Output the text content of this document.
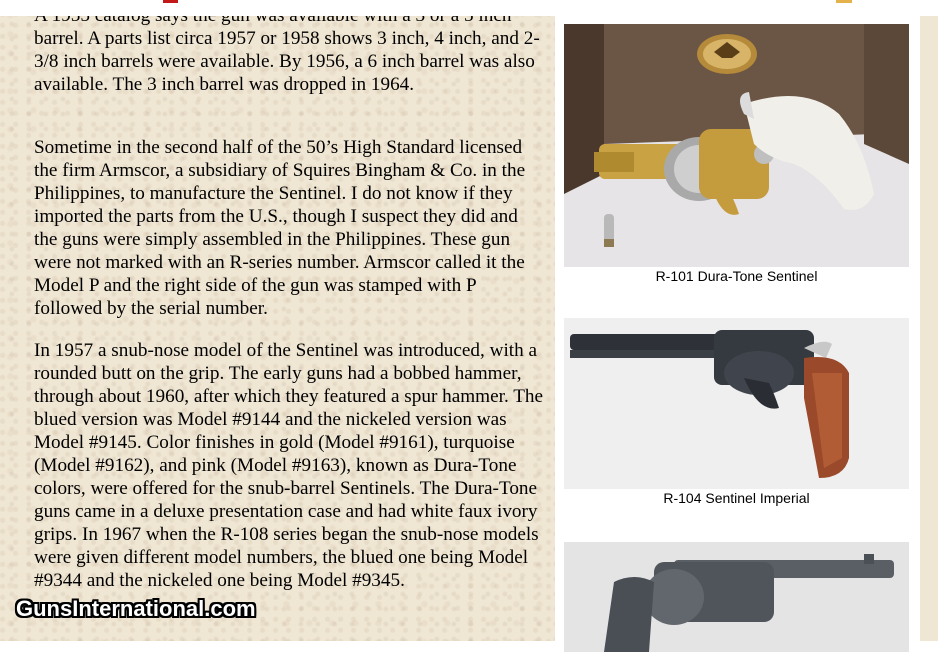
barrel. A parts list circa 1957 or 1958 shows 3 inch, 4 inch, and 2-3/8 inch barrels were available. By 1956, a 6 inch barrel was also available. The 3 inch barrel was dropped in 1964.

Sometime in the second half of the 50’s High Standard licensed the firm Armscor, a subsidiary of Squires Bingham & Co. in the Philippines, to manufacture the Sentinel. I do not know if they imported the parts from the U.S., though I suspect they did and the guns were simply assembled in the Philippines. These gun were not marked with an R-series number. Armscor called it the Model P and the right side of the gun was stamped with P followed by the serial number.

In 1957 a snub-nose model of the Sentinel was introduced, with a rounded butt on the grip. The early guns had a bobbed hammer, through about 1960, after which they featured a spur hammer. The blued version was Model #9144 and the nickeled version was Model #9145. Color finishes in gold (Model #9161), turquoise (Model #9162), and pink (Model #9163), known as Dura-Tone colors, were offered for the snub-barrel Sentinels. The Dura-Tone guns came in a deluxe presentation case and had white faux ivory grips. In 1967 when the R-108 series began the snub-nose models were given different model numbers, the blued one being Model #9344 and the nickeled one being Model #9345.

R-101 Dura-Tone Sentinel
R-104 Sentinel Imperial
GunsInternational.com
